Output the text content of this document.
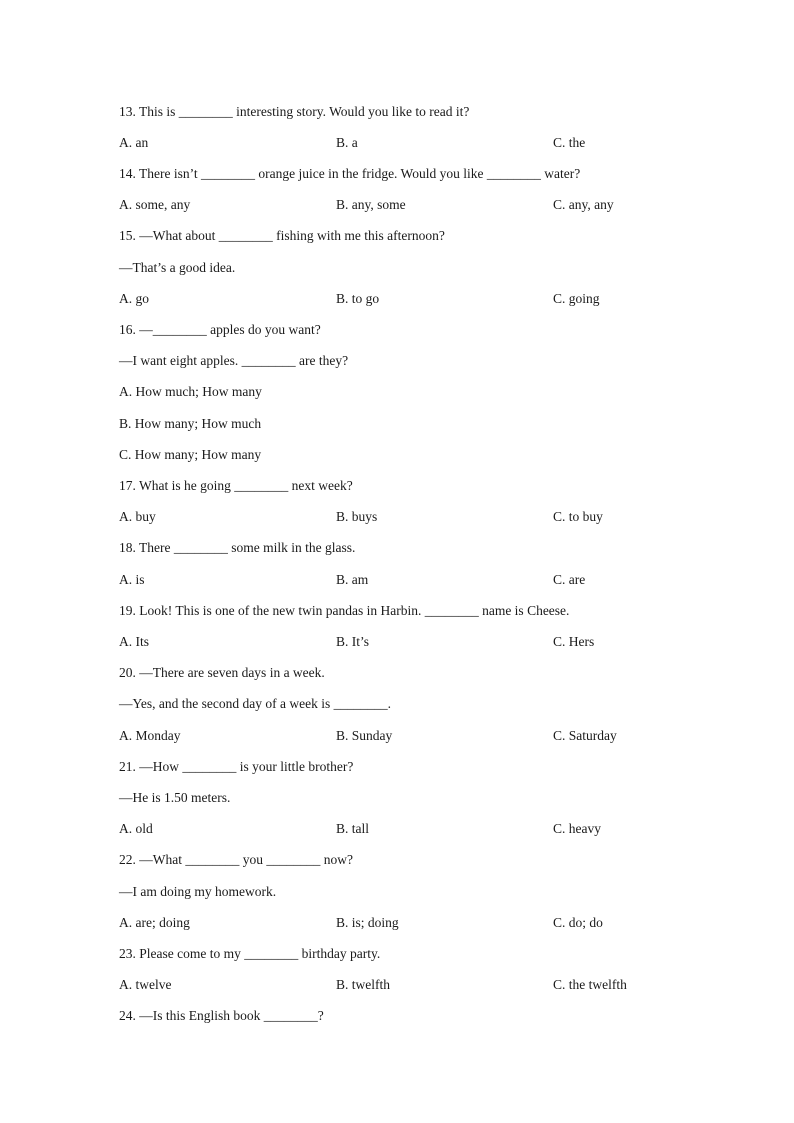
13. This is ________ interesting story. Would you like to read it?
A. an	B. a	C. the
14. There isn’t ________ orange juice in the fridge. Would you like ________ water?
A. some, any	B. any, some	C. any, any
15. —What about ________ fishing with me this afternoon?
—That’s a good idea.
A. go	B. to go	C. going
16. —________ apples do you want?
—I want eight apples. ________ are they?
A. How much; How many
B. How many; How much
C. How many; How many
17. What is he going ________ next week?
A. buy	B. buys	C. to buy
18. There ________ some milk in the glass.
A. is	B. am	C. are
19. Look! This is one of the new twin pandas in Harbin. ________ name is Cheese.
A. Its	B. It’s	C. Hers
20. —There are seven days in a week.
—Yes, and the second day of a week is ________.
A. Monday	B. Sunday	C. Saturday
21. —How ________ is your little brother?
—He is 1.50 meters.
A. old	B. tall	C. heavy
22. —What ________ you ________ now?
—I am doing my homework.
A. are; doing	B. is; doing	C. do; do
23. Please come to my ________ birthday party.
A. twelve	B. twelfth	C. the twelfth
24. —Is this English book ________?
